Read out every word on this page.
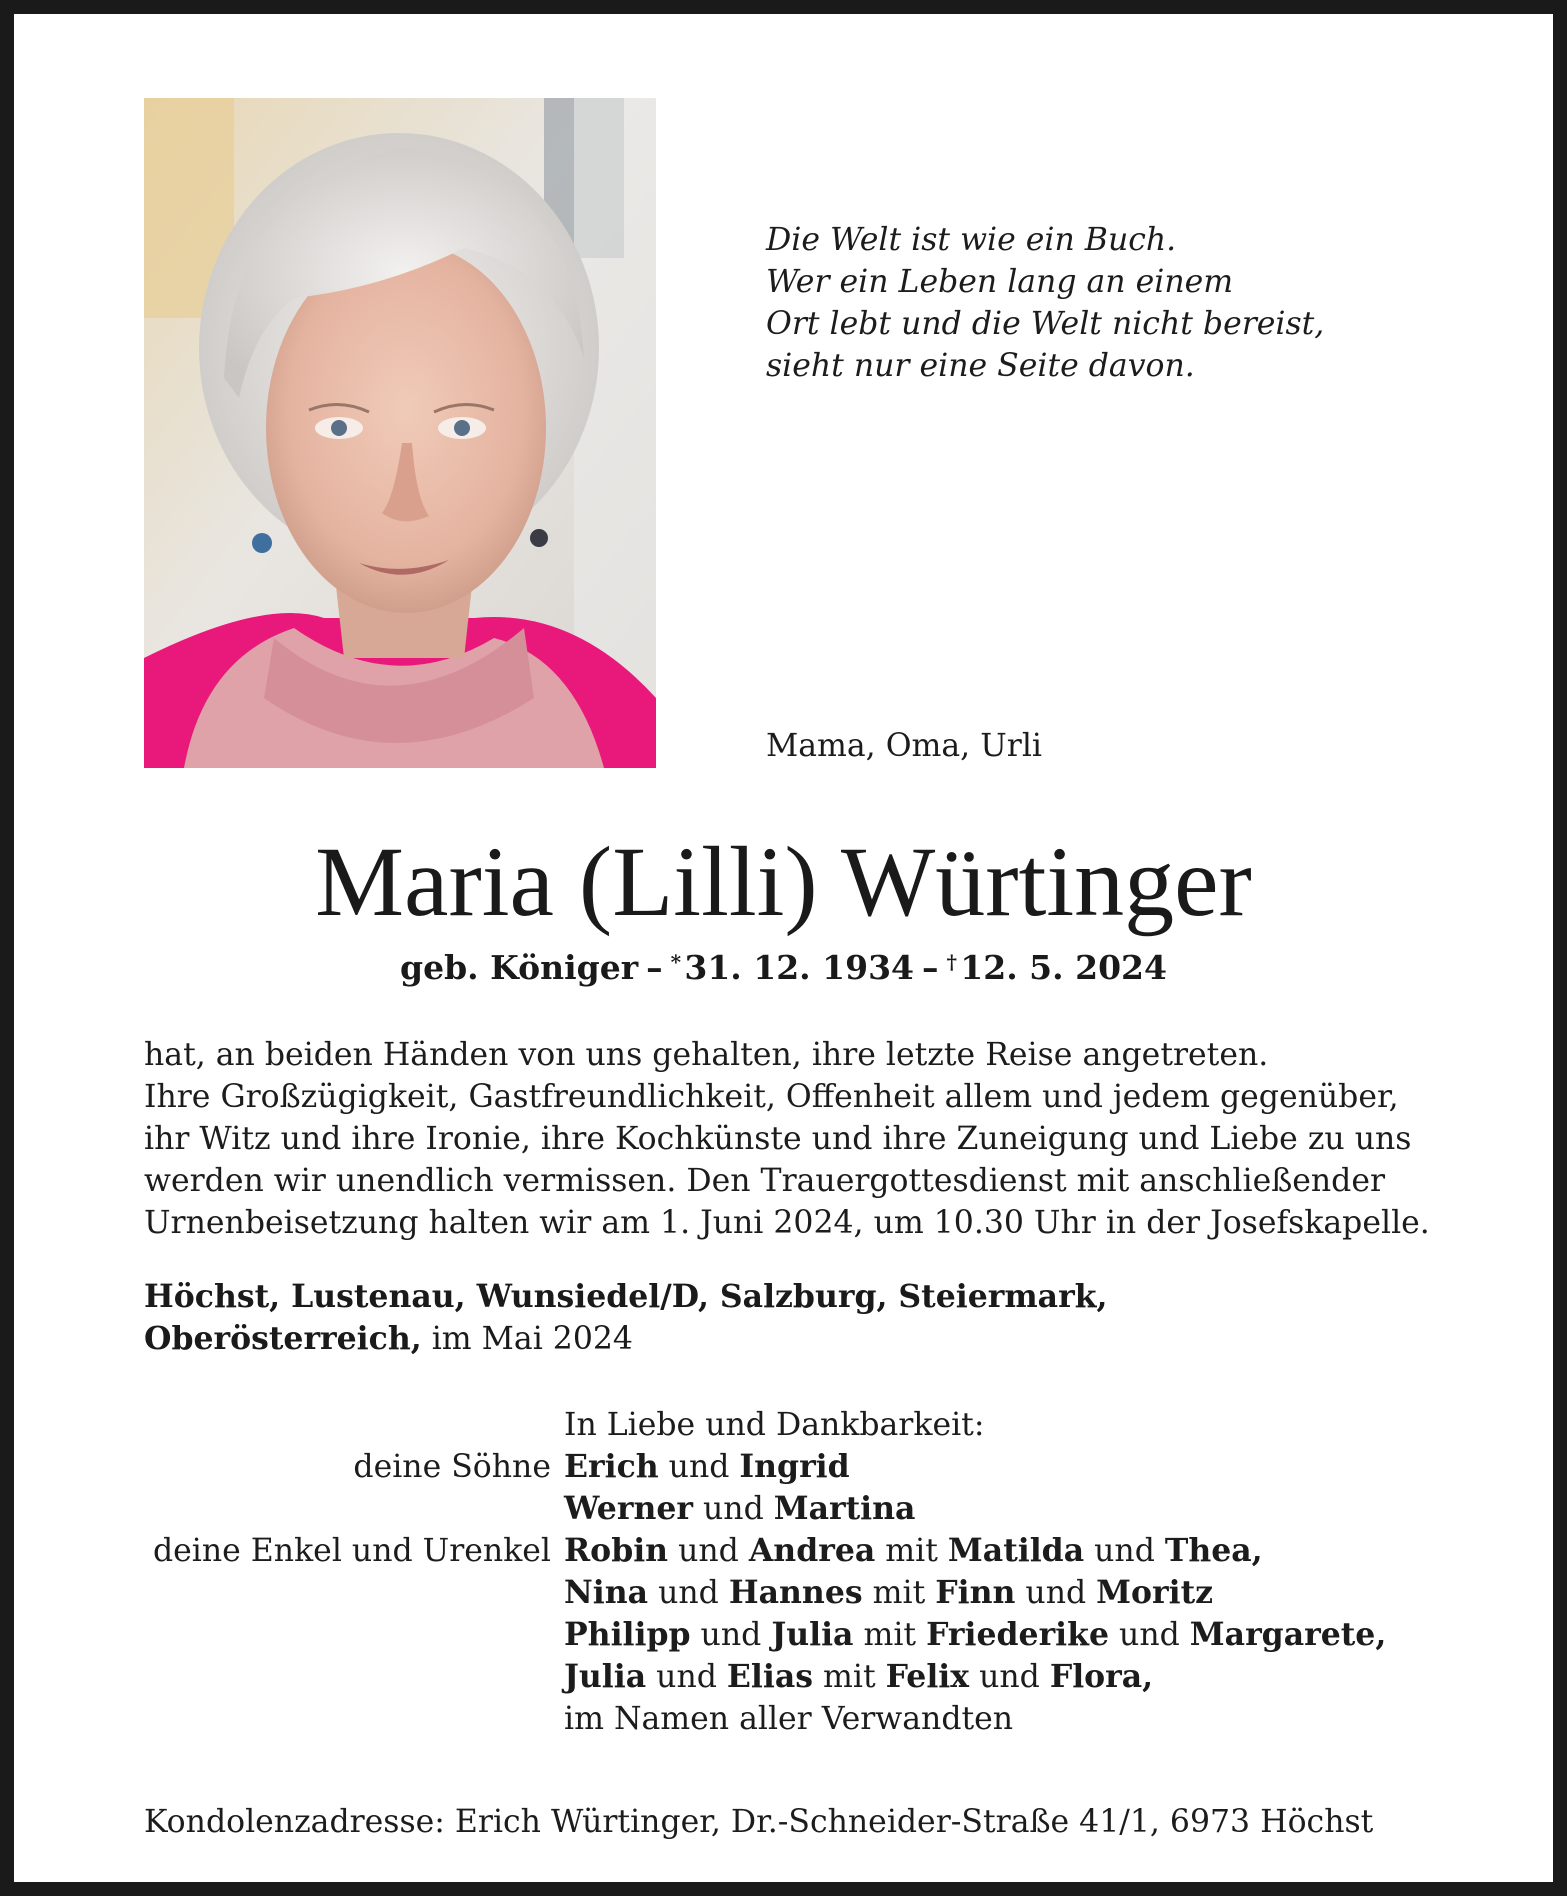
Die Welt ist wie ein Buch.
Wer ein Leben lang an einem
Ort lebt und die Welt nicht bereist,
sieht nur eine Seite davon.
Mama, Oma, Urli
Maria (Lilli) Würtinger
geb. Königer – * 31. 12. 1934 – † 12. 5. 2024
hat, an beiden Händen von uns gehalten, ihre letzte Reise angetreten.
Ihre Großzügigkeit, Gastfreundlichkeit, Offenheit allem und jedem gegenüber,
ihr Witz und ihre Ironie, ihre Kochkünste und ihre Zuneigung und Liebe zu uns
werden wir unendlich vermissen. Den Trauergottesdienst mit anschließender
Urnenbeisetzung halten wir am 1. Juni 2024, um 10.30 Uhr in der Josefskapelle.
Höchst, Lustenau, Wunsiedel/D, Salzburg, Steiermark,
Oberösterreich, im Mai 2024
In Liebe und Dankbarkeit:
deine Söhne Erich und Ingrid
Werner und Martina
deine Enkel und Urenkel Robin und Andrea mit Matilda und Thea,
Nina und Hannes mit Finn und Moritz
Philipp und Julia mit Friederike und Margarete,
Julia und Elias mit Felix und Flora,
im Namen aller Verwandten
Kondolenzadresse: Erich Würtinger, Dr.-Schneider-Straße 41/1, 6973 Höchst
